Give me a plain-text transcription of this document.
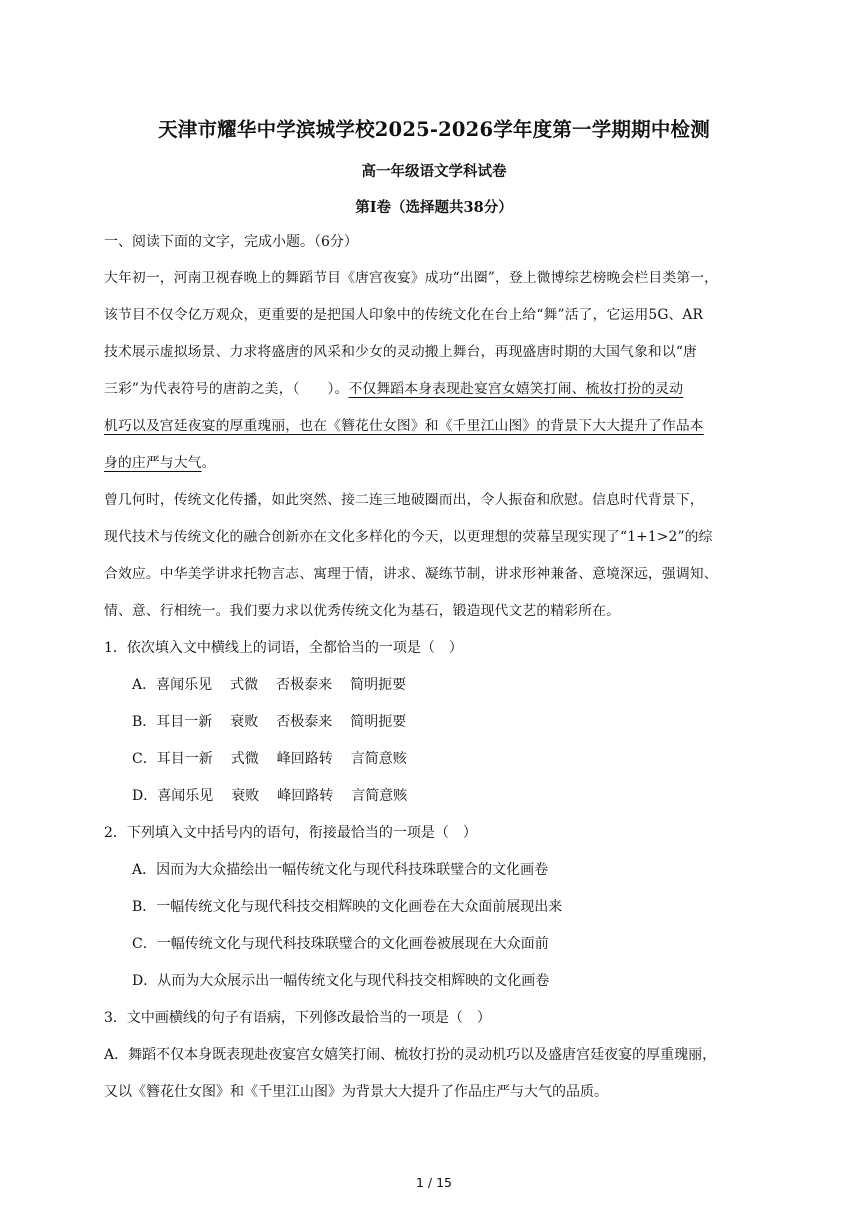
天津市耀华中学滨城学校2025-2026学年度第一学期期中检测
高一年级语文学科试卷
第Ⅰ卷（选择题共38分）
一、阅读下面的文字，完成小题。（6分）
大年初一，河南卫视春晚上的舞蹈节目《唐宫夜宴》成功“出圈”，登上微博综艺榜晚会栏目类第一，
该节目不仅令亿万观众，更重要的是把国人印象中的传统文化在台上给“舞”活了，它运用5G、AR
技术展示虚拟场景、力求将盛唐的风采和少女的灵动搬上舞台，再现盛唐时期的大国气象和以“唐
三彩”为代表符号的唐韵之美，（　　）。不仅舞蹈本身表现赴宴宫女嬉笑打闹、梳妆打扮的灵动
机巧以及宫廷夜宴的厚重瑰丽，也在《簪花仕女图》和《千里江山图》的背景下大大提升了作品本
身的庄严与大气。
曾几何时，传统文化传播，如此突然、接二连三地破圈而出，令人振奋和欣慰。信息时代背景下，
现代技术与传统文化的融合创新亦在文化多样化的今天，以更理想的荧幕呈现实现了“1+1>2”的综
合效应。中华美学讲求托物言志、寓理于情，讲求、凝练节制，讲求形神兼备、意境深远，强调知、
情、意、行相统一。我们要力求以优秀传统文化为基石，锻造现代文艺的精彩所在。
1．依次填入文中横线上的词语，全都恰当的一项是（　）
A．喜闻乐见 式微 否极泰来 简明扼要
B．耳目一新 衰败 否极泰来 简明扼要
C．耳目一新 式微 峰回路转 言简意赅
D．喜闻乐见 衰败 峰回路转 言简意赅
2．下列填入文中括号内的语句，衔接最恰当的一项是（　）
A．因而为大众描绘出一幅传统文化与现代科技珠联璧合的文化画卷
B．一幅传统文化与现代科技交相辉映的文化画卷在大众面前展现出来
C．一幅传统文化与现代科技珠联璧合的文化画卷被展现在大众面前
D．从而为大众展示出一幅传统文化与现代科技交相辉映的文化画卷
3．文中画横线的句子有语病，下列修改最恰当的一项是（　）
A．舞蹈不仅本身既表现赴夜宴宫女嬉笑打闹、梳妆打扮的灵动机巧以及盛唐宫廷夜宴的厚重瑰丽，
又以《簪花仕女图》和《千里江山图》为背景大大提升了作品庄严与大气的品质。
1 / 15
